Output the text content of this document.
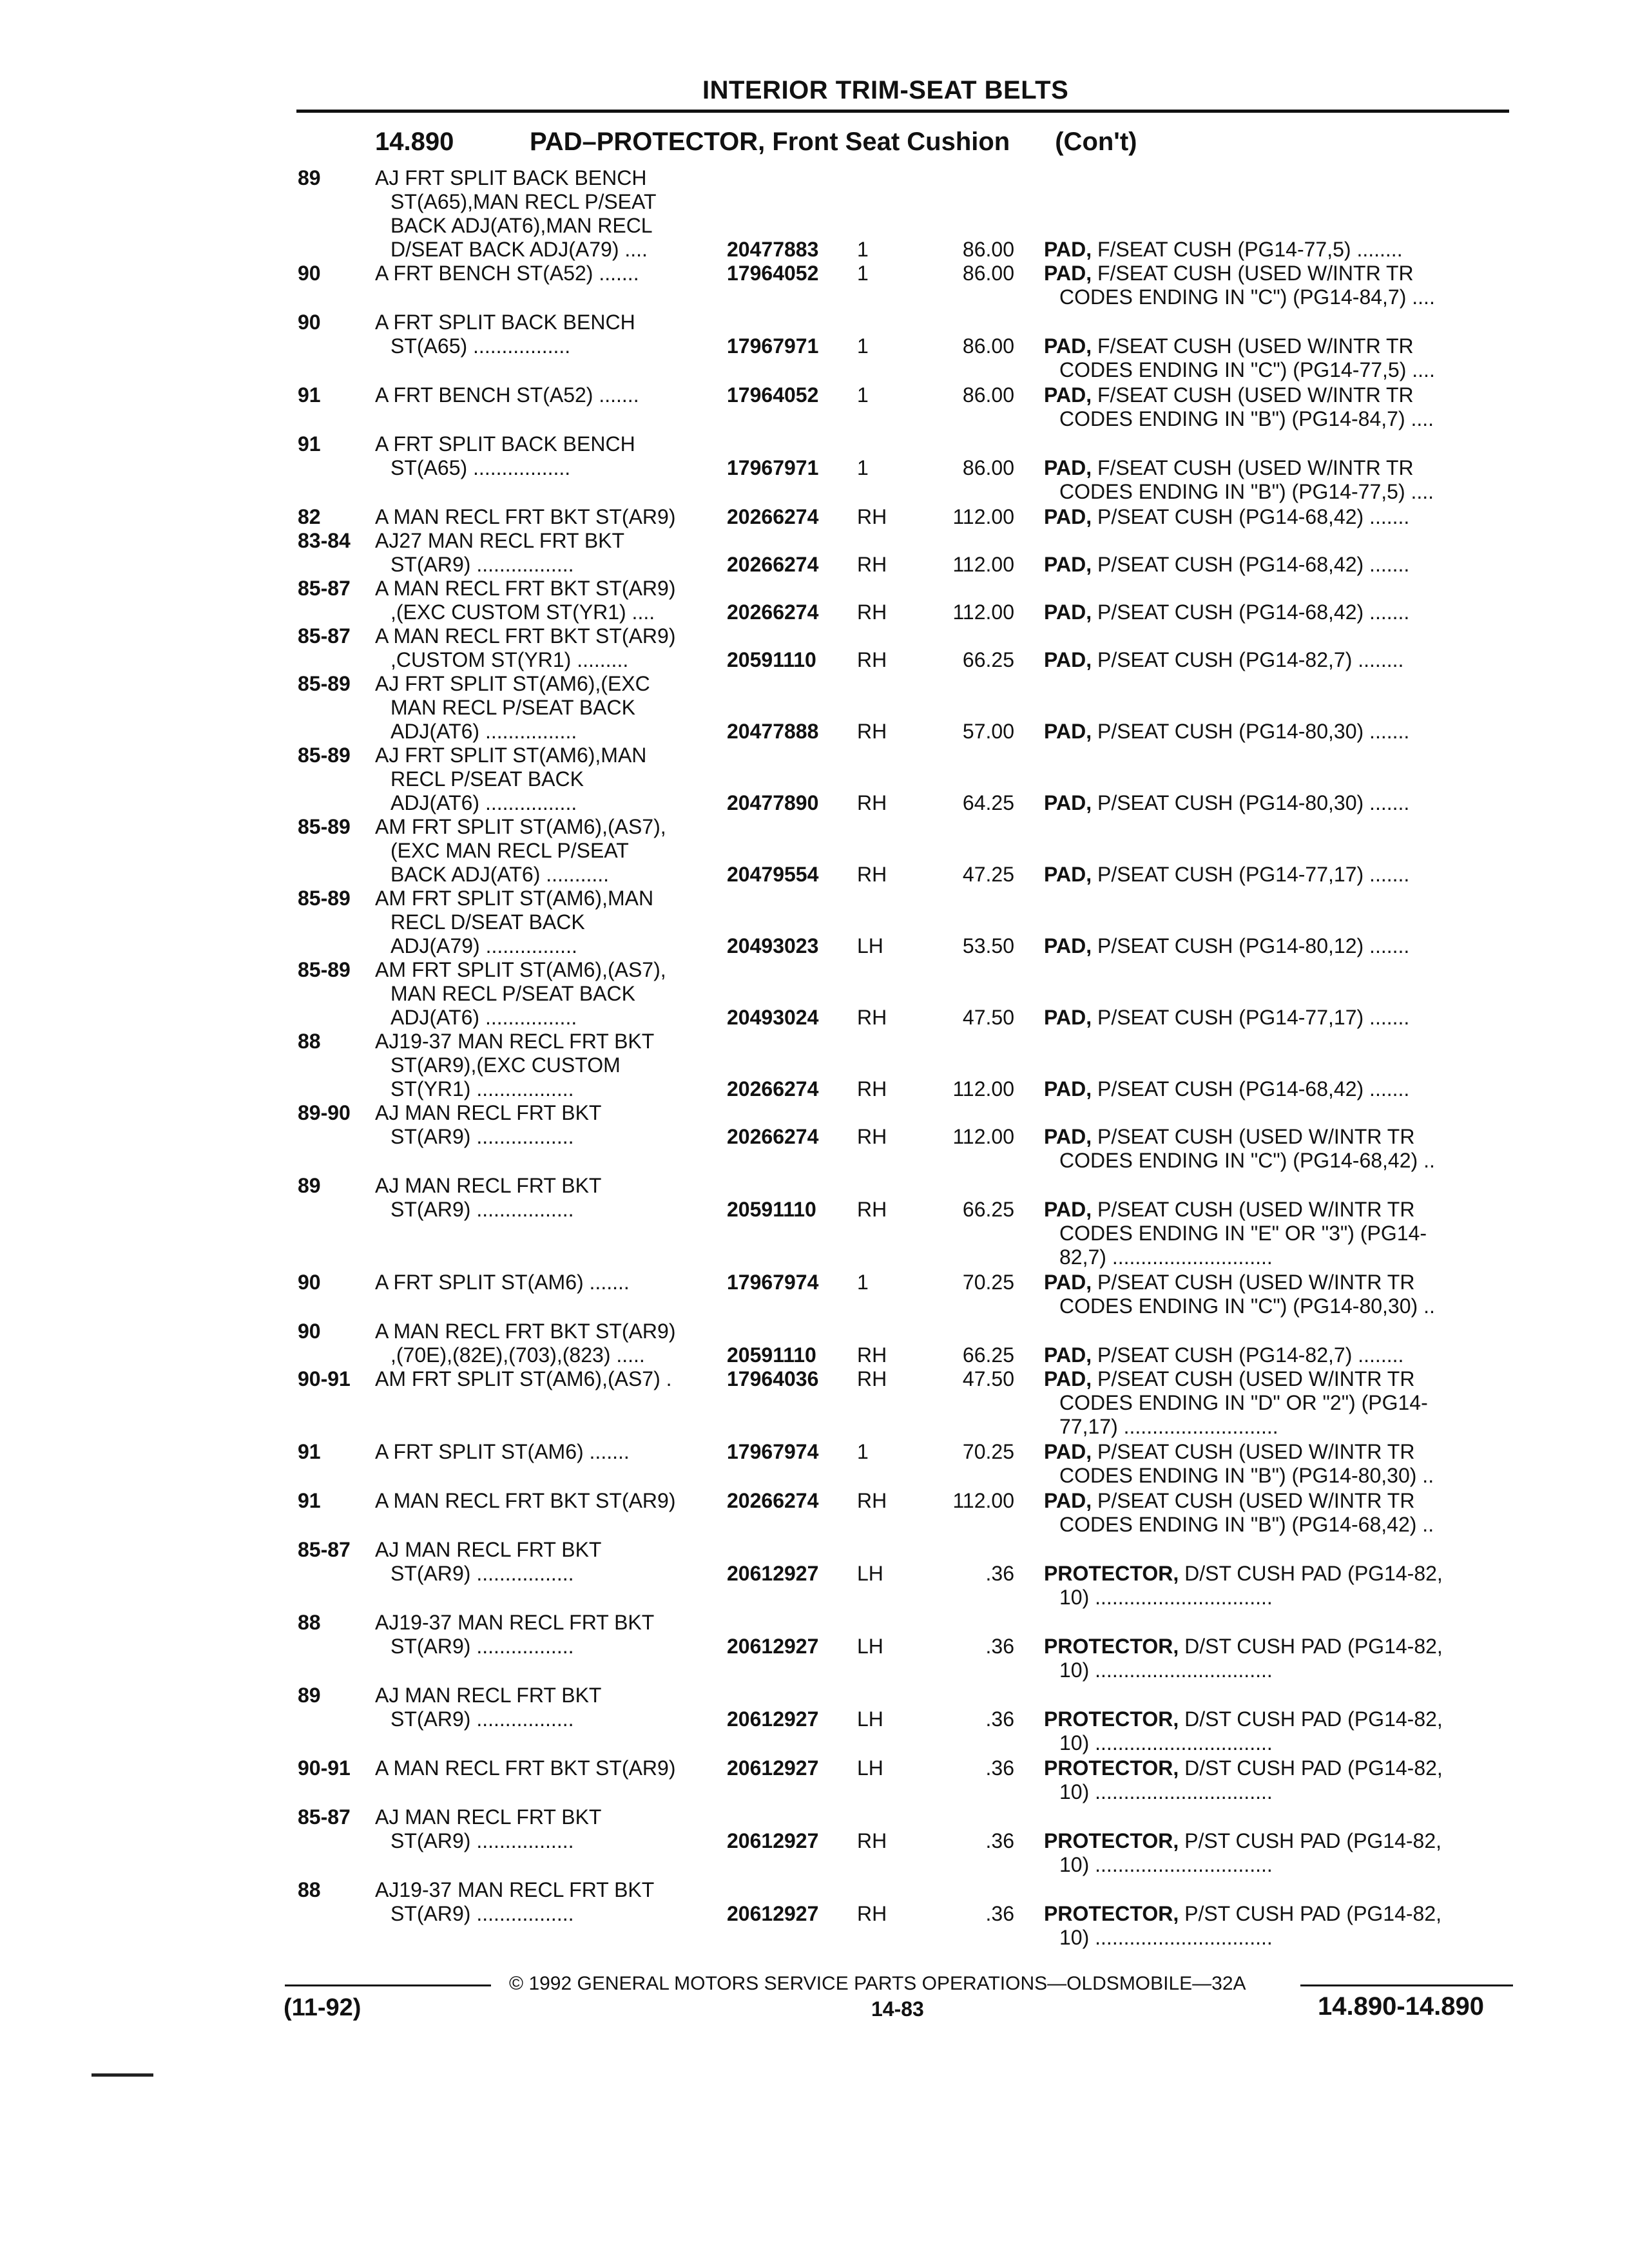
INTERIOR TRIM-SEAT BELTS
14.890	PAD–PROTECTOR, Front Seat Cushion (Con't)
89	AJ FRT SPLIT BACK BENCH
ST(A65),MAN RECL P/SEAT
BACK ADJ(AT6),MAN RECL
D/SEAT BACK ADJ(A79) ....	20477883 1	86.00 PAD, F/SEAT CUSH (PG14-77,5) ........
90	A FRT BENCH ST(A52) .......	17964052 1	86.00 PAD, F/SEAT CUSH (USED W/INTR TR
CODES ENDING IN "C") (PG14-84,7) ....
90	A FRT SPLIT BACK BENCH
ST(A65) .................	17967971 1	86.00 PAD, F/SEAT CUSH (USED W/INTR TR
CODES ENDING IN "C") (PG14-77,5) ....
91	A FRT BENCH ST(A52) .......	17964052 1	86.00 PAD, F/SEAT CUSH (USED W/INTR TR
CODES ENDING IN "B") (PG14-84,7) ....
91	A FRT SPLIT BACK BENCH
ST(A65) .................	17967971 1	86.00 PAD, F/SEAT CUSH (USED W/INTR TR
CODES ENDING IN "B") (PG14-77,5) ....
82	A MAN RECL FRT BKT ST(AR9)	20266274 RH	112.00 PAD, P/SEAT CUSH (PG14-68,42) .......
83-84 AJ27 MAN RECL FRT BKT
ST(AR9) .................	20266274 RH	112.00 PAD, P/SEAT CUSH (PG14-68,42) .......
85-87 A MAN RECL FRT BKT ST(AR9)
,(EXC CUSTOM ST(YR1) ....	20266274 RH	112.00 PAD, P/SEAT CUSH (PG14-68,42) .......
85-87 A MAN RECL FRT BKT ST(AR9)
,CUSTOM ST(YR1) .........	20591110 RH	66.25 PAD, P/SEAT CUSH (PG14-82,7) ........
85-89 AJ FRT SPLIT ST(AM6),(EXC
MAN RECL P/SEAT BACK
ADJ(AT6) ................	20477888 RH	57.00 PAD, P/SEAT CUSH (PG14-80,30) .......
85-89 AJ FRT SPLIT ST(AM6),MAN
RECL P/SEAT BACK
ADJ(AT6) ................	20477890 RH	64.25 PAD, P/SEAT CUSH (PG14-80,30) .......
85-89 AM FRT SPLIT ST(AM6),(AS7),
(EXC MAN RECL P/SEAT
BACK ADJ(AT6) ...........	20479554 RH	47.25 PAD, P/SEAT CUSH (PG14-77,17) .......
85-89 AM FRT SPLIT ST(AM6),MAN
RECL D/SEAT BACK
ADJ(A79) ................	20493023 LH	53.50 PAD, P/SEAT CUSH (PG14-80,12) .......
85-89 AM FRT SPLIT ST(AM6),(AS7),
MAN RECL P/SEAT BACK
ADJ(AT6) ................	20493024 RH	47.50 PAD, P/SEAT CUSH (PG14-77,17) .......
88	AJ19-37 MAN RECL FRT BKT
ST(AR9),(EXC CUSTOM
ST(YR1) .................	20266274 RH	112.00 PAD, P/SEAT CUSH (PG14-68,42) .......
89-90 AJ MAN RECL FRT BKT
ST(AR9) .................	20266274 RH	112.00 PAD, P/SEAT CUSH (USED W/INTR TR
CODES ENDING IN "C") (PG14-68,42) ..
89	AJ MAN RECL FRT BKT
ST(AR9) .................	20591110 RH	66.25 PAD, P/SEAT CUSH (USED W/INTR TR
CODES ENDING IN "E" OR "3") (PG14-
82,7) ............................
90	A FRT SPLIT ST(AM6) .......	17967974 1	70.25 PAD, P/SEAT CUSH (USED W/INTR TR
CODES ENDING IN "C") (PG14-80,30) ..
90	A MAN RECL FRT BKT ST(AR9)
,(70E),(82E),(703),(823) .....	20591110 RH	66.25 PAD, P/SEAT CUSH (PG14-82,7) ........
90-91 AM FRT SPLIT ST(AM6),(AS7) .	17964036 RH	47.50 PAD, P/SEAT CUSH (USED W/INTR TR
CODES ENDING IN "D" OR "2") (PG14-
77,17) ...........................
91	A FRT SPLIT ST(AM6) .......	17967974 1	70.25 PAD, P/SEAT CUSH (USED W/INTR TR
CODES ENDING IN "B") (PG14-80,30) ..
91	A MAN RECL FRT BKT ST(AR9)	20266274 RH	112.00 PAD, P/SEAT CUSH (USED W/INTR TR
CODES ENDING IN "B") (PG14-68,42) ..
85-87 AJ MAN RECL FRT BKT
ST(AR9) .................	20612927 LH	.36 PROTECTOR, D/ST CUSH PAD (PG14-82,
10) ...............................
88	AJ19-37 MAN RECL FRT BKT
ST(AR9) .................	20612927 LH	.36 PROTECTOR, D/ST CUSH PAD (PG14-82,
10) ...............................
89	AJ MAN RECL FRT BKT
ST(AR9) .................	20612927 LH	.36 PROTECTOR, D/ST CUSH PAD (PG14-82,
10) ...............................
90-91 A MAN RECL FRT BKT ST(AR9)	20612927 LH	.36 PROTECTOR, D/ST CUSH PAD (PG14-82,
10) ...............................
85-87 AJ MAN RECL FRT BKT
ST(AR9) .................	20612927 RH	.36 PROTECTOR, P/ST CUSH PAD (PG14-82,
10) ...............................
88	AJ19-37 MAN RECL FRT BKT
ST(AR9) .................	20612927 RH	.36 PROTECTOR, P/ST CUSH PAD (PG14-82,
10) ...............................
© 1992 GENERAL MOTORS SERVICE PARTS OPERATIONS—OLDSMOBILE—32A
(11-92)	14-83	14.890-14.890
